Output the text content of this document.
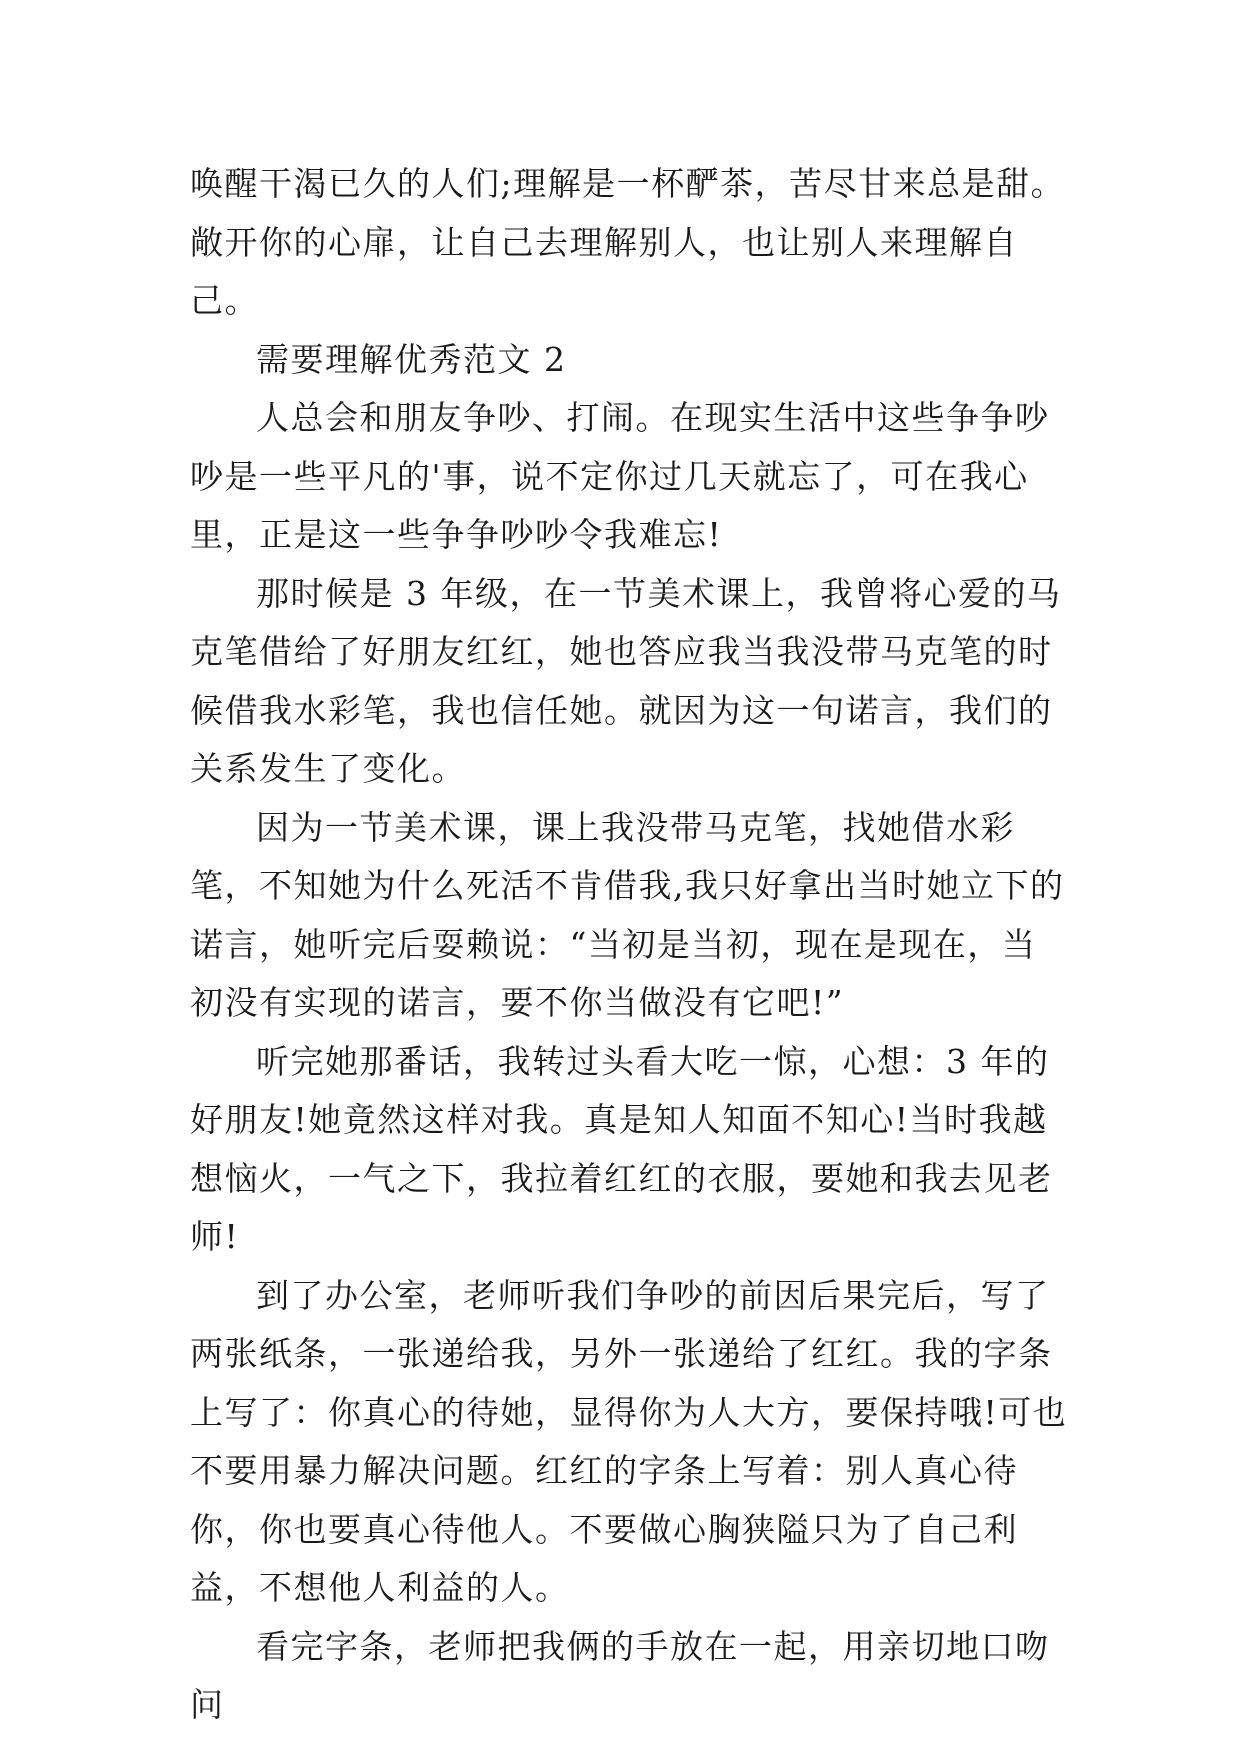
唤醒干渴已久的人们;理解是一杯酽茶，苦尽甘来总是甜。

敞开你的心扉，让自己去理解别人，也让别人来理解自己。

需要理解优秀范文 2

人总会和朋友争吵、打闹。在现实生活中这些争争吵吵是一些平凡的'事，说不定你过几天就忘了，可在我心里，正是这一些争争吵吵令我难忘!

那时候是 3 年级，在一节美术课上，我曾将心爱的马克笔借给了好朋友红红，她也答应我当我没带马克笔的时候借我水彩笔，我也信任她。就因为这一句诺言，我们的关系发生了变化。

因为一节美术课，课上我没带马克笔，找她借水彩笔，不知她为什么死活不肯借我,我只好拿出当时她立下的诺言，她听完后耍赖说：“当初是当初，现在是现在，当初没有实现的诺言，要不你当做没有它吧!”

听完她那番话，我转过头看大吃一惊，心想：3 年的好朋友!她竟然这样对我。真是知人知面不知心!当时我越想恼火，一气之下，我拉着红红的衣服，要她和我去见老师!

到了办公室，老师听我们争吵的前因后果完后，写了两张纸条，一张递给我，另外一张递给了红红。我的字条上写了：你真心的待她，显得你为人大方，要保持哦!可也不要用暴力解决问题。红红的字条上写着：别人真心待你，你也要真心待他人。不要做心胸狭隘只为了自己利益，不想他人利益的人。

看完字条，老师把我俩的手放在一起，用亲切地口吻问
